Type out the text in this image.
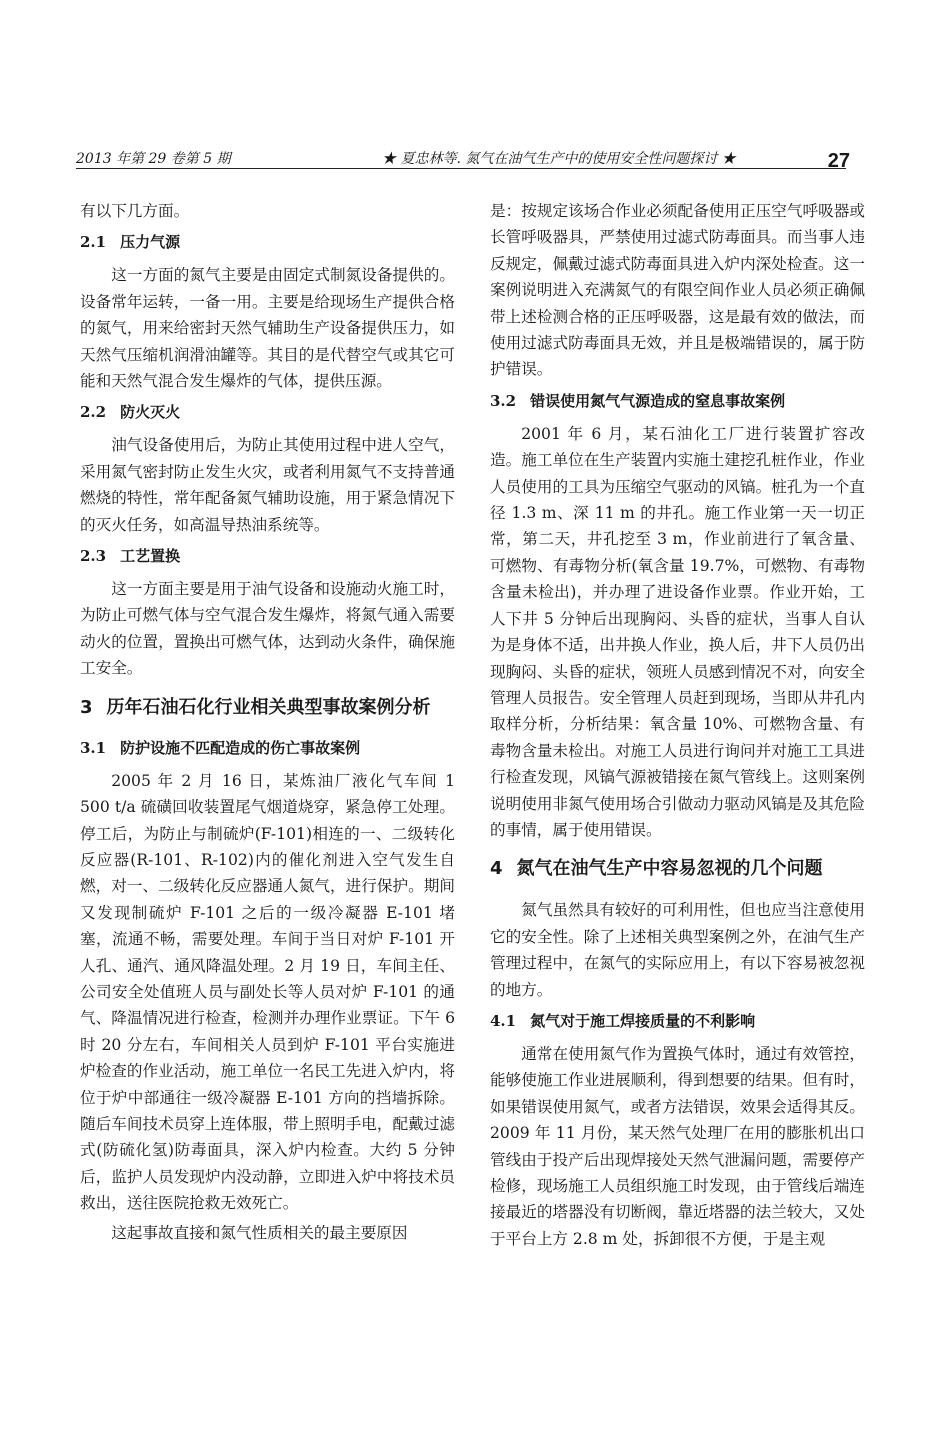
2013 年第 29 卷第 5 期	★ 夏忠林等. 氮气在油气生产中的使用安全性问题探讨 ★	27

有以下几方面。

2.1 压力气源

这一方面的氮气主要是由固定式制氮设备提供的。设备常年运转，一备一用。主要是给现场生产提供合格的氮气，用来给密封天然气辅助生产设备提供压力，如天然气压缩机润滑油罐等。其目的是代替空气或其它可能和天然气混合发生爆炸的气体，提供压源。

2.2 防火灭火

油气设备使用后，为防止其使用过程中进人空气，采用氮气密封防止发生火灾，或者利用氮气不支持普通燃烧的特性，常年配备氮气辅助设施，用于紧急情况下的灭火任务，如高温导热油系统等。

2.3 工艺置换

这一方面主要是用于油气设备和设施动火施工时，为防止可燃气体与空气混合发生爆炸，将氮气通入需要动火的位置，置换出可燃气体，达到动火条件，确保施工安全。

3 历年石油石化行业相关典型事故案例分析
3.1 防护设施不匹配造成的伤亡事故案例

2005 年 2 月 16 日，某炼油厂液化气车间 1 500 t/a 硫磺回收装置尾气烟道烧穿，紧急停工处理。停工后，为防止与制硫炉(F-101)相连的一、二级转化反应器(R-101、R-102)内的催化剂进入空气发生自燃，对一、二级转化反应器通人氮气，进行保护。期间又发现制硫炉 F-101 之后的一级冷凝器 E-101 堵塞，流通不畅，需要处理。车间于当日对炉 F-101 开人孔、通汽、通风降温处理。2 月 19 日，车间主任、公司安全处值班人员与副处长等人员对炉 F-101 的通气、降温情况进行检查，检测并办理作业票证。下午 6 时 20 分左右，车间相关人员到炉 F-101 平台实施进炉检查的作业活动，施工单位一名民工先进入炉内，将位于炉中部通往一级冷凝器 E-101 方向的挡墙拆除。随后车间技术员穿上连体服，带上照明手电，配戴过滤式(防硫化氢)防毒面具，深入炉内检查。大约 5 分钟后，监护人员发现炉内没动静，立即进入炉中将技术员救出，送往医院抢救无效死亡。

这起事故直接和氮气性质相关的最主要原因

是：按规定该场合作业必须配备使用正压空气呼吸器或长管呼吸器具，严禁使用过滤式防毒面具。而当事人违反规定，佩戴过滤式防毒面具进入炉内深处检查。这一案例说明进入充满氮气的有限空间作业人员必须正确佩带上述检测合格的正压呼吸器，这是最有效的做法，而使用过滤式防毒面具无效，并且是极端错误的，属于防护错误。

3.2 错误使用氮气气源造成的窒息事故案例

2001 年 6 月，某石油化工厂进行装置扩容改造。施工单位在生产装置内实施土建挖孔桩作业，作业人员使用的工具为压缩空气驱动的风镐。桩孔为一个直径 1.3 m、深 11 m 的井孔。施工作业第一天一切正常，第二天，井孔挖至 3 m，作业前进行了氧含量、可燃物、有毒物分析(氧含量 19.7%，可燃物、有毒物含量未检出)，并办理了进设备作业票。作业开始，工人下井 5 分钟后出现胸闷、头昏的症状，当事人自认为是身体不适，出井换人作业，换人后，井下人员仍出现胸闷、头昏的症状，领班人员感到情况不对，向安全管理人员报告。安全管理人员赶到现场，当即从井孔内取样分析，分析结果：氧含量 10%、可燃物含量、有毒物含量未检出。对施工人员进行询问并对施工工具进行检查发现，风镐气源被错接在氮气管线上。这则案例说明使用非氮气使用场合引做动力驱动风镐是及其危险的事情，属于使用错误。

4 氮气在油气生产中容易忽视的几个问题

氮气虽然具有较好的可利用性，但也应当注意使用它的安全性。除了上述相关典型案例之外，在油气生产管理过程中，在氮气的实际应用上，有以下容易被忽视的地方。

4.1 氮气对于施工焊接质量的不利影响

通常在使用氮气作为置换气体时，通过有效管控，能够使施工作业进展顺利，得到想要的结果。但有时，如果错误使用氮气，或者方法错误，效果会适得其反。2009 年 11 月份，某天然气处理厂在用的膨胀机出口管线由于投产后出现焊接处天然气泄漏问题，需要停产检修，现场施工人员组织施工时发现，由于管线后端连接最近的塔器没有切断阀，靠近塔器的法兰较大，又处于平台上方 2.8 m 处，拆卸很不方便，于是主观
